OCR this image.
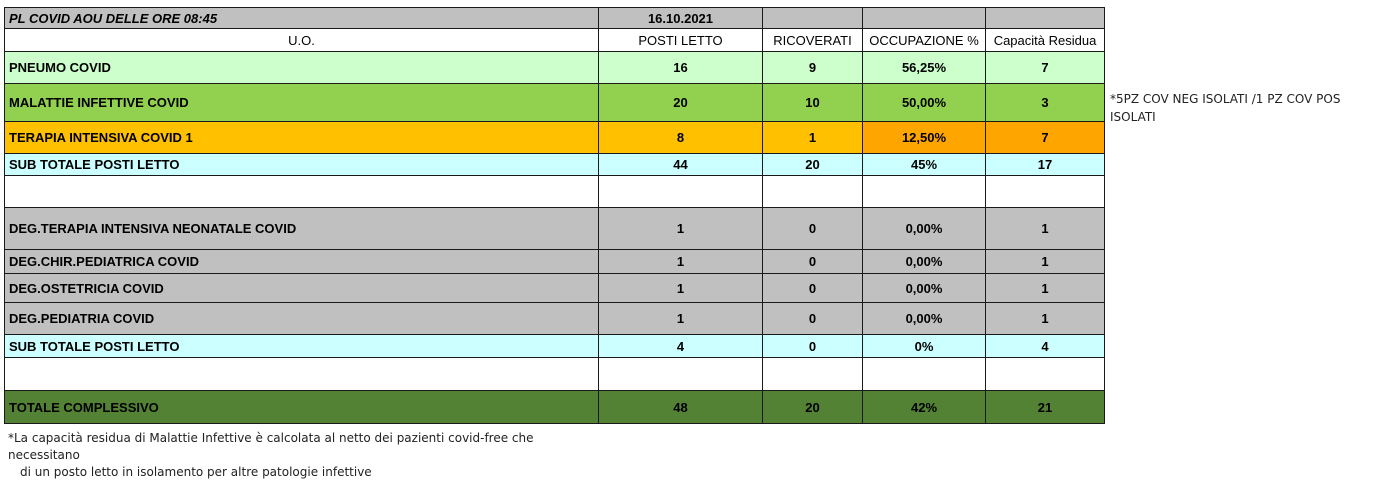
PL COVID AOU DELLE ORE 08:45	16.10.2021			
U.O.	POSTI LETTO	RICOVERATI	OCCUPAZIONE %	Capacità Residua
PNEUMO COVID	16	9	56,25%	7
MALATTIE INFETTIVE COVID	20	10	50,00%	3
TERAPIA INTENSIVA COVID 1	8	1	12,50%	7
SUB TOTALE POSTI LETTO	44	20	45%	17

DEG.TERAPIA INTENSIVA NEONATALE COVID	1	0	0,00%	1
DEG.CHIR.PEDIATRICA COVID	1	0	0,00%	1
DEG.OSTETRICIA COVID	1	0	0,00%	1
DEG.PEDIATRIA COVID	1	0	0,00%	1
SUB TOTALE POSTI LETTO	4	0	0%	4

TOTALE COMPLESSIVO	48	20	42%	21
*5PZ COV NEG ISOLATI /1 PZ COV POS ISOLATI
*La capacità residua di Malattie Infettive è calcolata al netto dei pazienti covid-free che necessitano
di un posto letto in isolamento per altre patologie infettive
